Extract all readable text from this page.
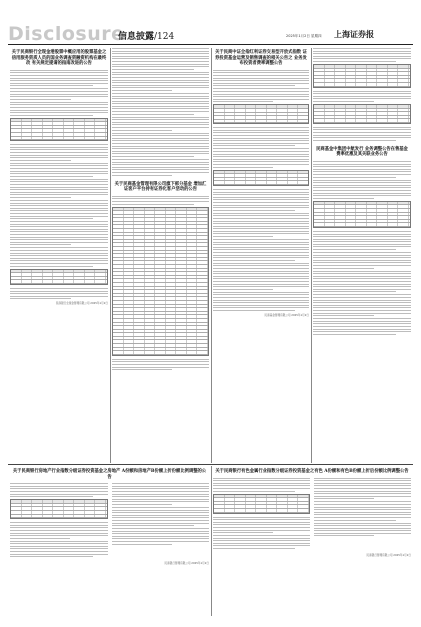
Disclosure
信息披露/124	2025年1月2日 星期四 上海证券报
关于民商银行全现金港股票中概应用的股票基金之 信用服务资质人员的国业务调查资融资机构在最终改 有关规定提请的指南改进的公告
民商银行全现金管理有限公司 2025年1月2日
关于民商基金管理有限公司旗下部分基金 增加汇证客户平台持有证券化客户活动的公告
关于民商中证全指红利证券交易型开放式指数 证券投资基金运营及销售调查的相关公告之 业务发布投资者费率调整公告
民商基金管理有限公司 2025年1月2日
民商基金中集团中航发行 业务调整公告在售基金费率优惠及其关联业务公告
关于民商银行房地产行业指数分级证券投资基金之房地产 A份额和房地产B份额上折份额比例调整的公告
民商银行管理有限公司 2025年1月2日
关于民商银行有色金属行业指数分级证券投资基金之有色 A份额和有色B份额上折后份额比例调整公告
民商银行管理有限公司 2025年1月2日
